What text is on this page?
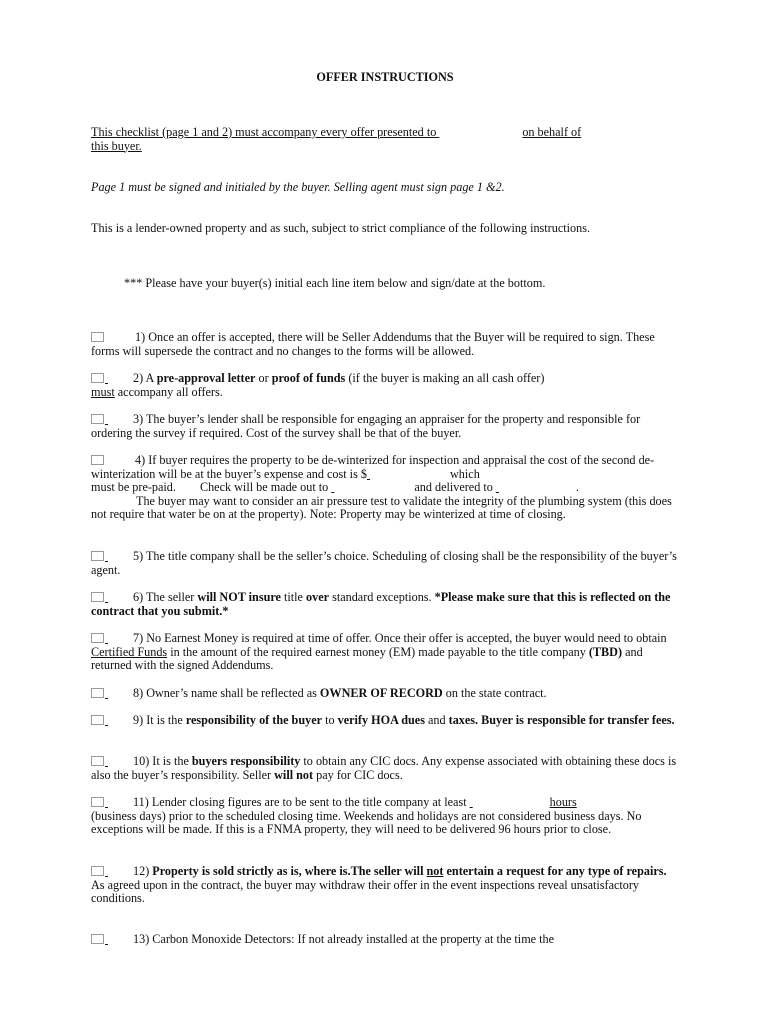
OFFER INSTRUCTIONS
This checklist (page 1 and 2) must accompany every offer presented to	on behalf of
this buyer.
Page 1 must be signed and initialed by the buyer. Selling agent must sign page 1 &2.
This is a lender-owned property and as such, subject to strict compliance of the following instructions.
*** Please have your buyer(s) initial each line item below and sign/date at the bottom.
1) Once an offer is accepted, there will be Seller Addendums that the Buyer will be required to sign. These forms will supersede the contract and no changes to the forms will be allowed.
2) A pre-approval letter or proof of funds (if the buyer is making an all cash offer)
must accompany all offers.
3) The buyer’s lender shall be responsible for engaging an appraiser for the property and responsible for ordering the survey if required. Cost of the survey shall be that of the buyer.
4) If buyer requires the property to be de-winterized for inspection and appraisal the cost of the second de-winterization will be at the buyer’s expense and cost is $	which
must be pre-paid. Check will be made out to	and delivered to	.
The buyer may want to consider an air pressure test to validate the integrity of the plumbing system (this does not require that water be on at the property). Note: Property may be winterized at time of closing.
5) The title company shall be the seller’s choice. Scheduling of closing shall be the responsibility of the buyer’s agent.
6) The seller will NOT insure title over standard exceptions. *Please make sure that this is reflected on the contract that you submit.*
7) No Earnest Money is required at time of offer. Once their offer is accepted, the buyer would need to obtain Certified Funds in the amount of the required earnest money (EM) made payable to the title company (TBD) and returned with the signed Addendums.
8) Owner’s name shall be reflected as OWNER OF RECORD on the state contract.
9) It is the responsibility of the buyer to verify HOA dues and taxes. Buyer is responsible for transfer fees.
10) It is the buyers responsibility to obtain any CIC docs. Any expense associated with obtaining these docs is also the buyer’s responsibility. Seller will not pay for CIC docs.
11) Lender closing figures are to be sent to the title company at least	hours
(business days) prior to the scheduled closing time. Weekends and holidays are not considered business days. No exceptions will be made. If this is a FNMA property, they will need to be delivered 96 hours prior to close.
12) Property is sold strictly as is, where is.The seller will not entertain a request for any type of repairs.
As agreed upon in the contract, the buyer may withdraw their offer in the event inspections reveal unsatisfactory conditions.
13) Carbon Monoxide Detectors: If not already installed at the property at the time the
